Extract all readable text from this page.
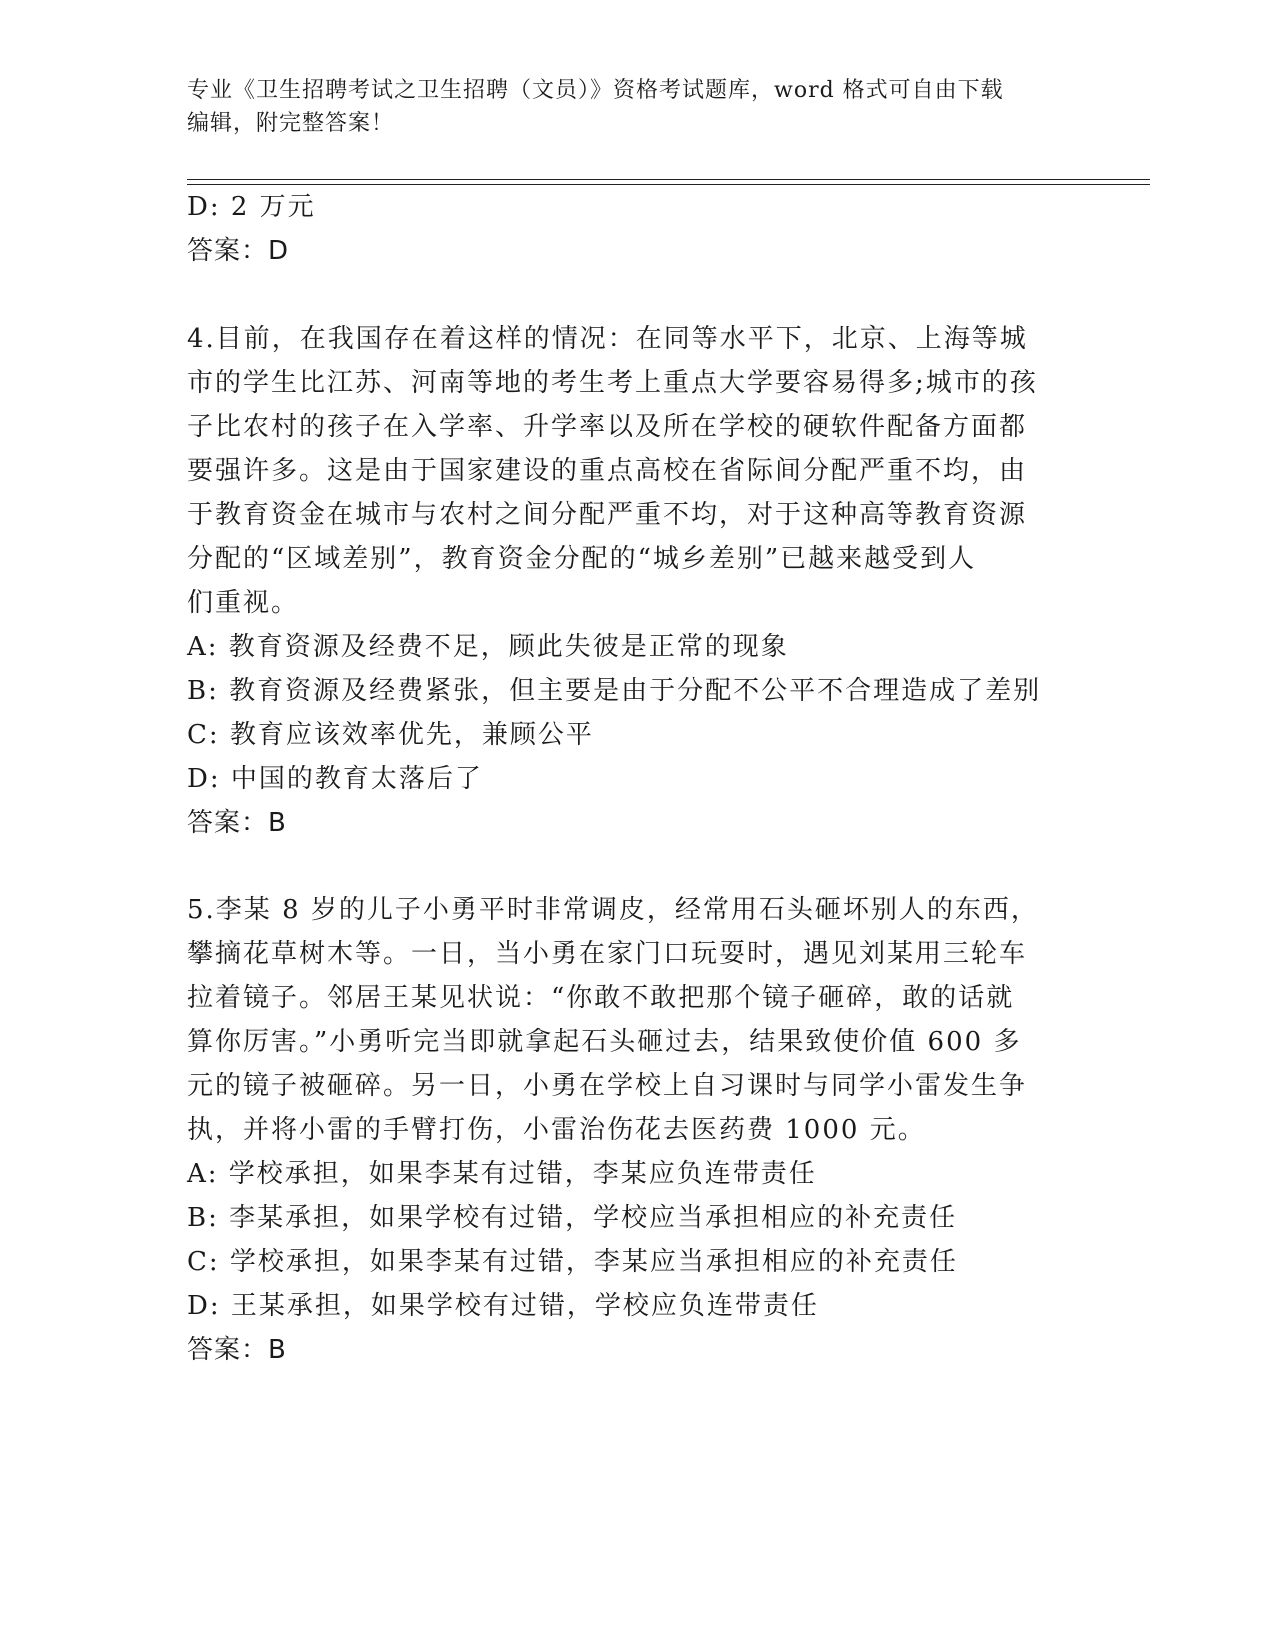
专业《卫生招聘考试之卫生招聘（文员）》资格考试题库，word 格式可自由下载
编辑，附完整答案！
D: 2 万元
答案：D
4.目前，在我国存在着这样的情况：在同等水平下，北京、上海等城
市的学生比江苏、河南等地的考生考上重点大学要容易得多;城市的孩
子比农村的孩子在入学率、升学率以及所在学校的硬软件配备方面都
要强许多。这是由于国家建设的重点高校在省际间分配严重不均，由
于教育资金在城市与农村之间分配严重不均，对于这种高等教育资源
分配的“区域差别”，教育资金分配的“城乡差别”已越来越受到人
们重视。
A: 教育资源及经费不足，顾此失彼是正常的现象
B: 教育资源及经费紧张，但主要是由于分配不公平不合理造成了差别
C: 教育应该效率优先，兼顾公平
D: 中国的教育太落后了
答案：B
5.李某 8 岁的儿子小勇平时非常调皮，经常用石头砸坏别人的东西，
攀摘花草树木等。一日，当小勇在家门口玩耍时，遇见刘某用三轮车
拉着镜子。邻居王某见状说：“你敢不敢把那个镜子砸碎，敢的话就
算你厉害。”小勇听完当即就拿起石头砸过去，结果致使价值 600 多
元的镜子被砸碎。另一日，小勇在学校上自习课时与同学小雷发生争
执，并将小雷的手臂打伤，小雷治伤花去医药费 1000 元。
A: 学校承担，如果李某有过错，李某应负连带责任
B: 李某承担，如果学校有过错，学校应当承担相应的补充责任
C: 学校承担，如果李某有过错，李某应当承担相应的补充责任
D: 王某承担，如果学校有过错，学校应负连带责任
答案：B
